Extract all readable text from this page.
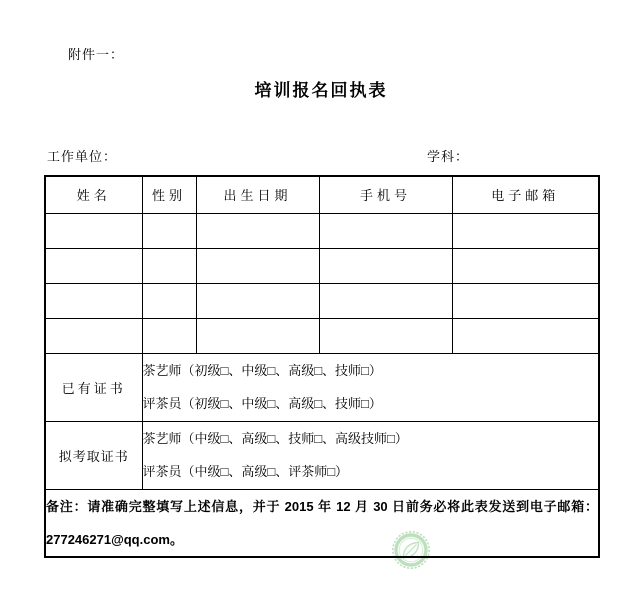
附件一：
培训报名回执表
工作单位：	学科：
姓名	性别	出生日期	手机号	电子邮箱

已有证书	茶艺师（初级□、中级□、高级□、技师□）
评茶员（初级□、中级□、高级□、技师□）			

拟考取证书	茶艺师（中级□、高级□、技师□、高级技师□）
评茶员（中级□、高级□、评茶师□）			

备注：请准确完整填写上述信息，并于 2015 年 12 月 30 日前务必将此表发送到电子邮箱：277246271@qq.com。				
